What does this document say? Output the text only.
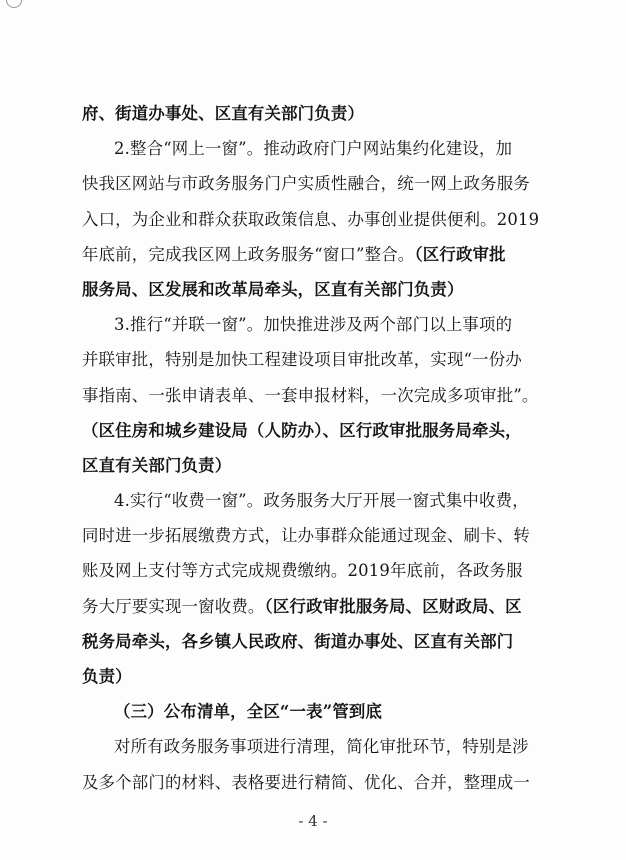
府、街道办事处、区直有关部门负责）
2.整合“网上一窗”。推动政府门户网站集约化建设，加
快我区网站与市政务服务门户实质性融合，统一网上政务服务
入口，为企业和群众获取政策信息、办事创业提供便利。2019
年底前，完成我区网上政务服务“窗口”整合。（区行政审批
服务局、区发展和改革局牵头，区直有关部门负责）
3.推行“并联一窗”。加快推进涉及两个部门以上事项的
并联审批，特别是加快工程建设项目审批改革，实现“一份办
事指南、一张申请表单、一套申报材料，一次完成多项审批”。
（区住房和城乡建设局（人防办）、区行政审批服务局牵头，
区直有关部门负责）
4.实行“收费一窗”。政务服务大厅开展一窗式集中收费，
同时进一步拓展缴费方式，让办事群众能通过现金、刷卡、转
账及网上支付等方式完成规费缴纳。2019年底前，各政务服
务大厅要实现一窗收费。（区行政审批服务局、区财政局、区
税务局牵头，各乡镇人民政府、街道办事处、区直有关部门
负责）
（三）公布清单，全区“一表”管到底
对所有政务服务事项进行清理，简化审批环节，特别是涉
及多个部门的材料、表格要进行精简、优化、合并，整理成一
- 4 -
